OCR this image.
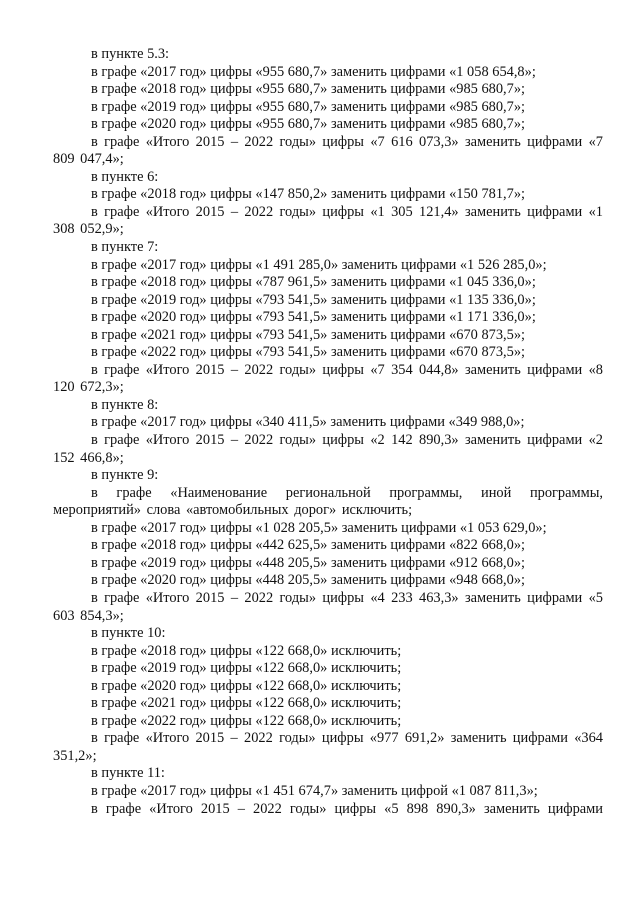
в пункте 5.3:

в графе «2017 год» цифры «955 680,7» заменить цифрами «1 058 654,8»;

в графе «2018 год» цифры «955 680,7» заменить цифрами «985 680,7»;

в графе «2019 год» цифры «955 680,7» заменить цифрами «985 680,7»;

в графе «2020 год» цифры «955 680,7» заменить цифрами «985 680,7»;

в графе «Итого 2015 – 2022 годы» цифры «7 616 073,3» заменить цифрами «7 809 047,4»;

в пункте 6:

в графе «2018 год» цифры «147 850,2» заменить цифрами «150 781,7»;

в графе «Итого 2015 – 2022 годы» цифры «1 305 121,4» заменить цифрами «1 308 052,9»;

в пункте 7:

в графе «2017 год» цифры «1 491 285,0» заменить цифрами «1 526 285,0»;

в графе «2018 год» цифры «787 961,5» заменить цифрами «1 045 336,0»;

в графе «2019 год» цифры «793 541,5» заменить цифрами «1 135 336,0»;

в графе «2020 год» цифры «793 541,5» заменить цифрами «1 171 336,0»;

в графе «2021 год» цифры «793 541,5» заменить цифрами «670 873,5»;

в графе «2022 год» цифры «793 541,5» заменить цифрами «670 873,5»;

в графе «Итого 2015 – 2022 годы» цифры «7 354 044,8» заменить цифрами «8 120 672,3»;

в пункте 8:

в графе «2017 год» цифры «340 411,5» заменить цифрами «349 988,0»;

в графе «Итого 2015 – 2022 годы» цифры «2 142 890,3» заменить цифрами «2 152 466,8»;

в пункте 9:

в графе «Наименование региональной программы, иной программы, мероприятий» слова «автомобильных дорог» исключить;

в графе «2017 год» цифры «1 028 205,5» заменить цифрами «1 053 629,0»;

в графе «2018 год» цифры «442 625,5» заменить цифрами «822 668,0»;

в графе «2019 год» цифры «448 205,5» заменить цифрами «912 668,0»;

в графе «2020 год» цифры «448 205,5» заменить цифрами «948 668,0»;

в графе «Итого 2015 – 2022 годы» цифры «4 233 463,3» заменить цифрами «5 603 854,3»;

в пункте 10:

в графе «2018 год» цифры «122 668,0» исключить;

в графе «2019 год» цифры «122 668,0» исключить;

в графе «2020 год» цифры «122 668,0» исключить;

в графе «2021 год» цифры «122 668,0» исключить;

в графе «2022 год» цифры «122 668,0» исключить;

в графе «Итого 2015 – 2022 годы» цифры «977 691,2» заменить цифрами «364 351,2»;

в пункте 11:

в графе «2017 год» цифры «1 451 674,7» заменить цифрой «1 087 811,3»;

в графе «Итого 2015 – 2022 годы» цифры «5 898 890,3» заменить цифрами
